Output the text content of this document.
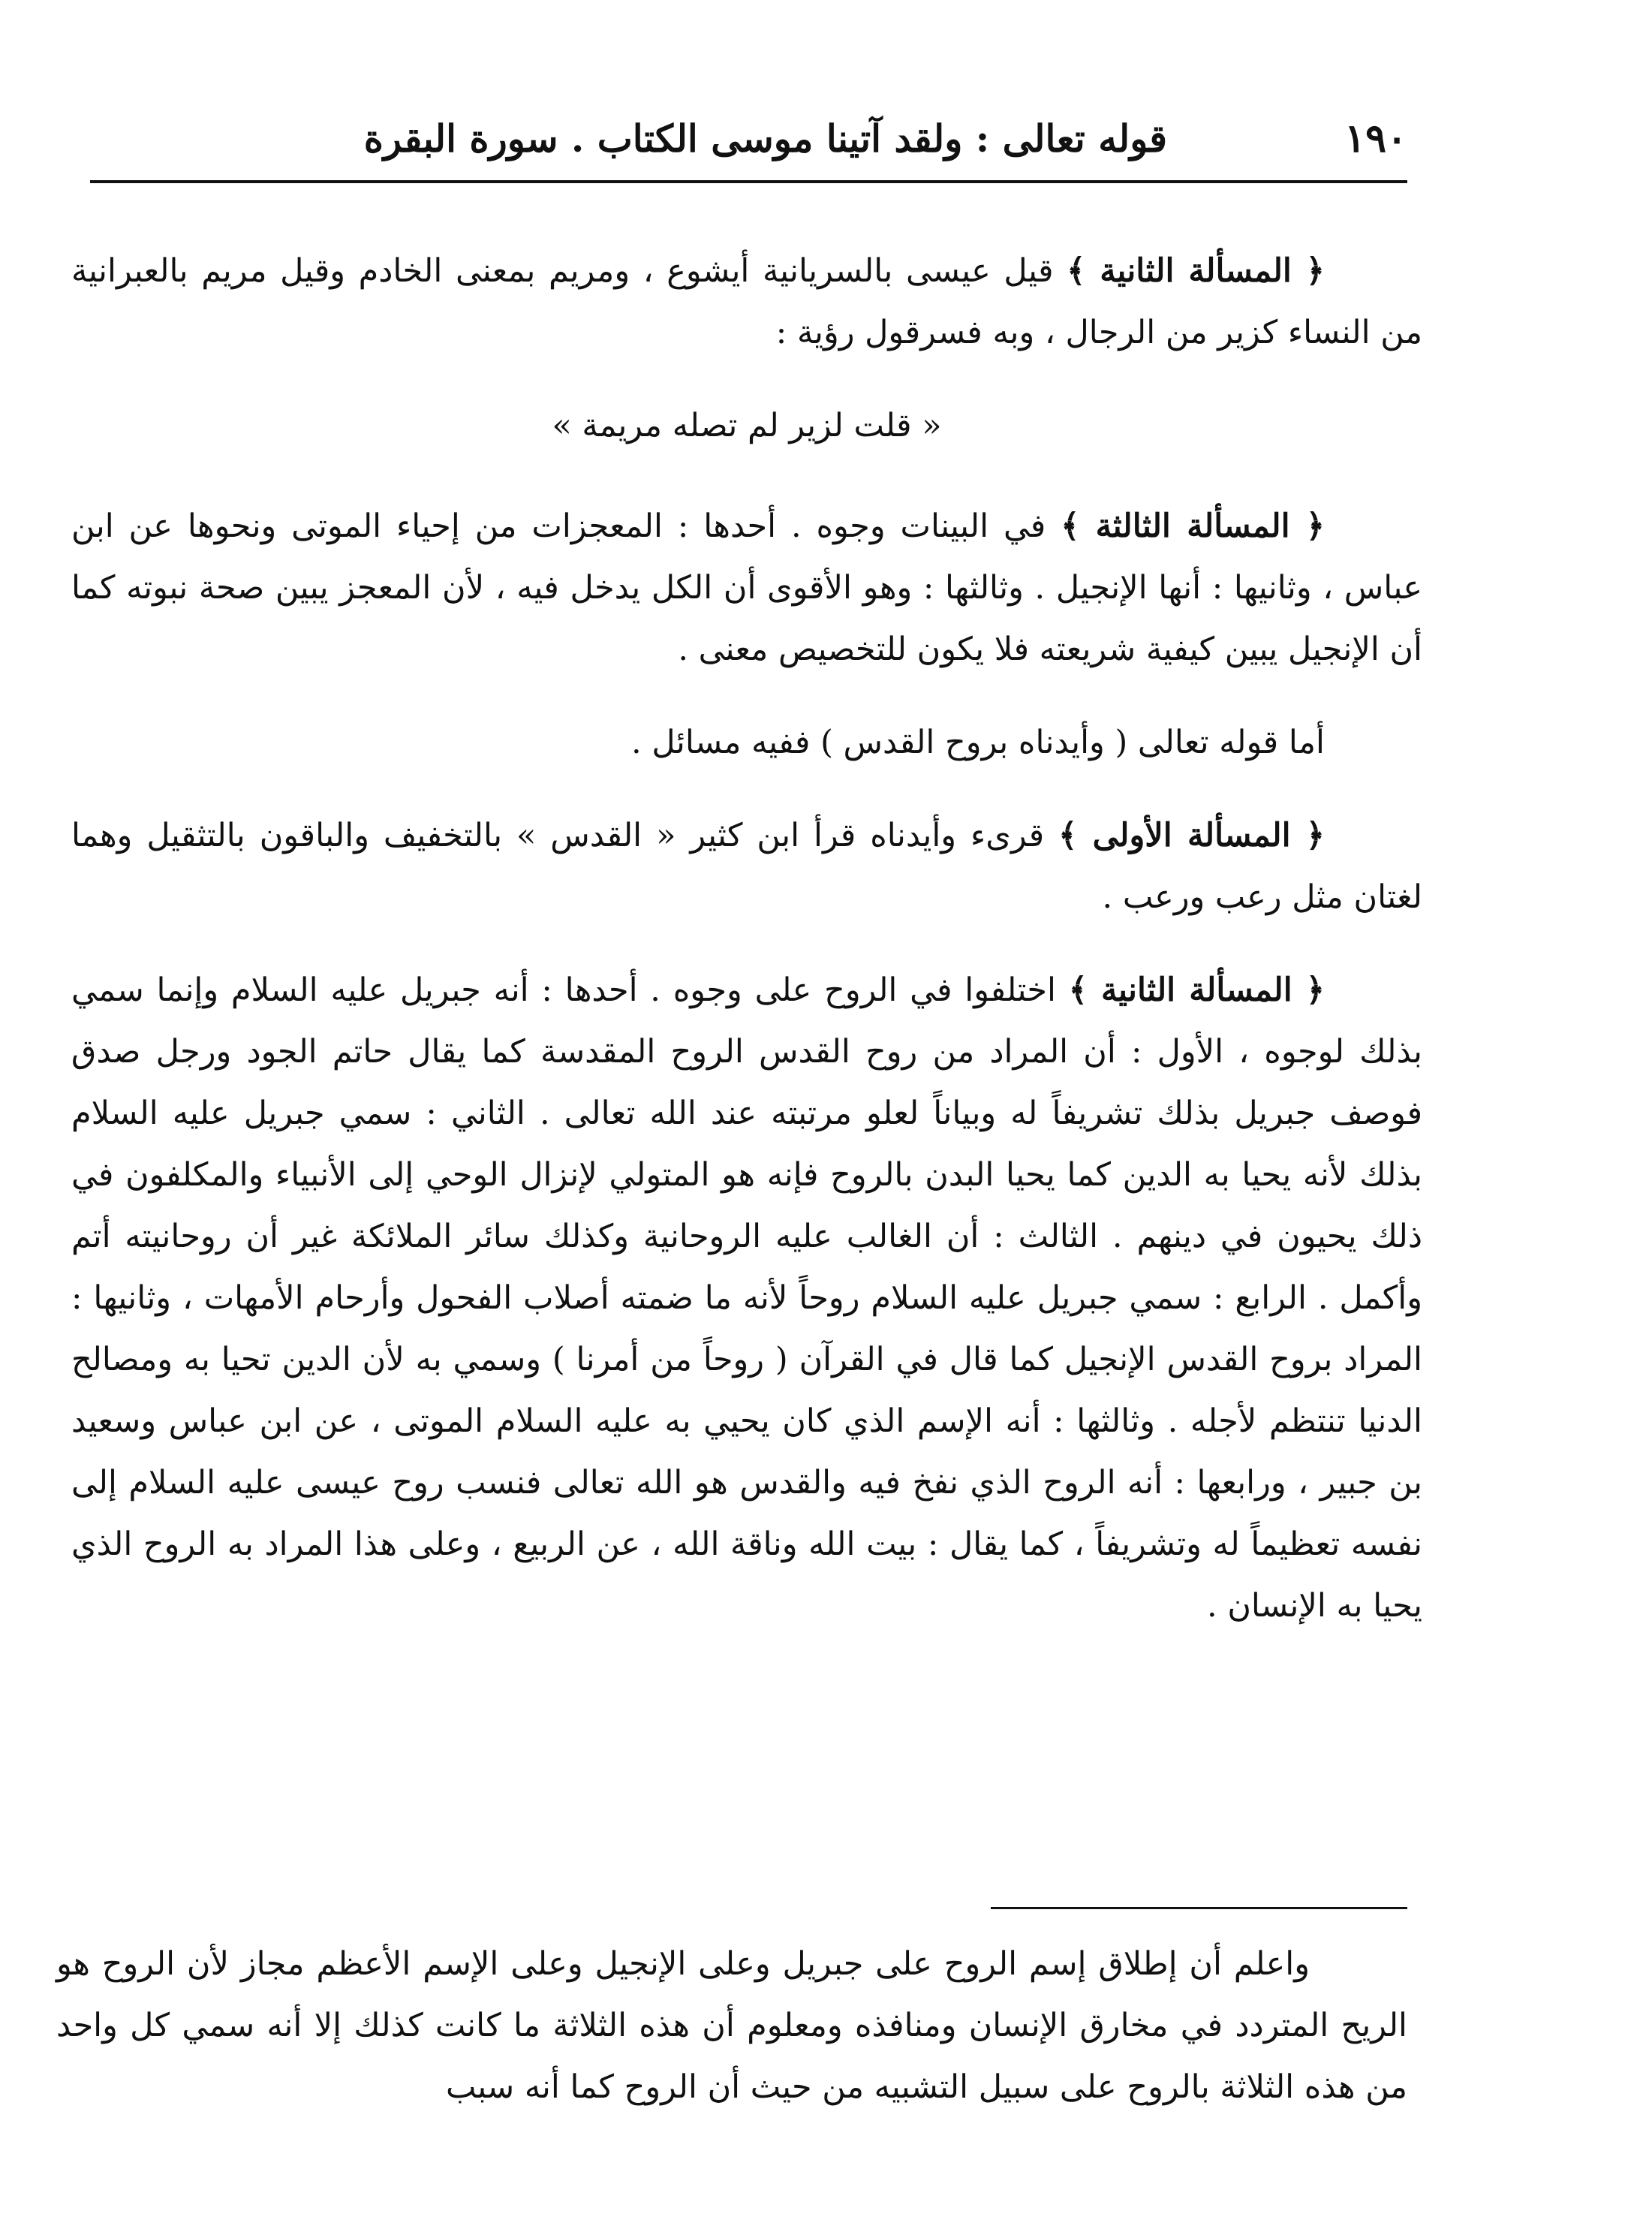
١٩٠
قوله تعالى : ولقد آتينا موسى الكتاب . سورة البقرة

﴿ المسألة الثانية ﴾ قيل عيسى بالسريانية أيشوع ، ومريم بمعنى الخادم وقيل مريم بالعبرانية من النساء كزير من الرجال ، وبه فسرقول رؤية :

« قلت لزير لم تصله مريمة »

﴿ المسألة الثالثة ﴾ في البينات وجوه . أحدها : المعجزات من إحياء الموتى ونحوها عن ابن عباس ، وثانيها : أنها الإنجيل . وثالثها : وهو الأقوى أن الكل يدخل فيه ، لأن المعجز يبين صحة نبوته كما أن الإنجيل يبين كيفية شريعته فلا يكون للتخصيص معنى .

أما قوله تعالى ( وأيدناه بروح القدس ) ففيه مسائل .

﴿ المسألة الأولى ﴾ قرىء وأيدناه قرأ ابن كثير « القدس » بالتخفيف والباقون بالتثقيل وهما لغتان مثل رعب ورعب .

﴿ المسألة الثانية ﴾ اختلفوا في الروح على وجوه . أحدها : أنه جبريل عليه السلام وإنما سمي بذلك لوجوه ، الأول : أن المراد من روح القدس الروح المقدسة كما يقال حاتم الجود ورجل صدق فوصف جبريل بذلك تشريفاً له وبياناً لعلو مرتبته عند الله تعالى . الثاني : سمي جبريل عليه السلام بذلك لأنه يحيا به الدين كما يحيا البدن بالروح فإنه هو المتولي لإنزال الوحي إلى الأنبياء والمكلفون في ذلك يحيون في دينهم . الثالث : أن الغالب عليه الروحانية وكذلك سائر الملائكة غير أن روحانيته أتم وأكمل . الرابع : سمي جبريل عليه السلام روحاً لأنه ما ضمته أصلاب الفحول وأرحام الأمهات ، وثانيها : المراد بروح القدس الإنجيل كما قال في القرآن ( روحاً من أمرنا ) وسمي به لأن الدين تحيا به ومصالح الدنيا تنتظم لأجله . وثالثها : أنه الإسم الذي كان يحيي به عليه السلام الموتى ، عن ابن عباس وسعيد بن جبير ، ورابعها : أنه الروح الذي نفخ فيه والقدس هو الله تعالى فنسب روح عيسى عليه السلام إلى نفسه تعظيماً له وتشريفاً ، كما يقال : بيت الله وناقة الله ، عن الربيع ، وعلى هذا المراد به الروح الذي يحيا به الإنسان .

واعلم أن إطلاق إسم الروح على جبريل وعلى الإنجيل وعلى الإسم الأعظم مجاز لأن الروح هو الريح المتردد في مخارق الإنسان ومنافذه ومعلوم أن هذه الثلاثة ما كانت كذلك إلا أنه سمي كل واحد من هذه الثلاثة بالروح على سبيل التشبيه من حيث أن الروح كما أنه سبب
